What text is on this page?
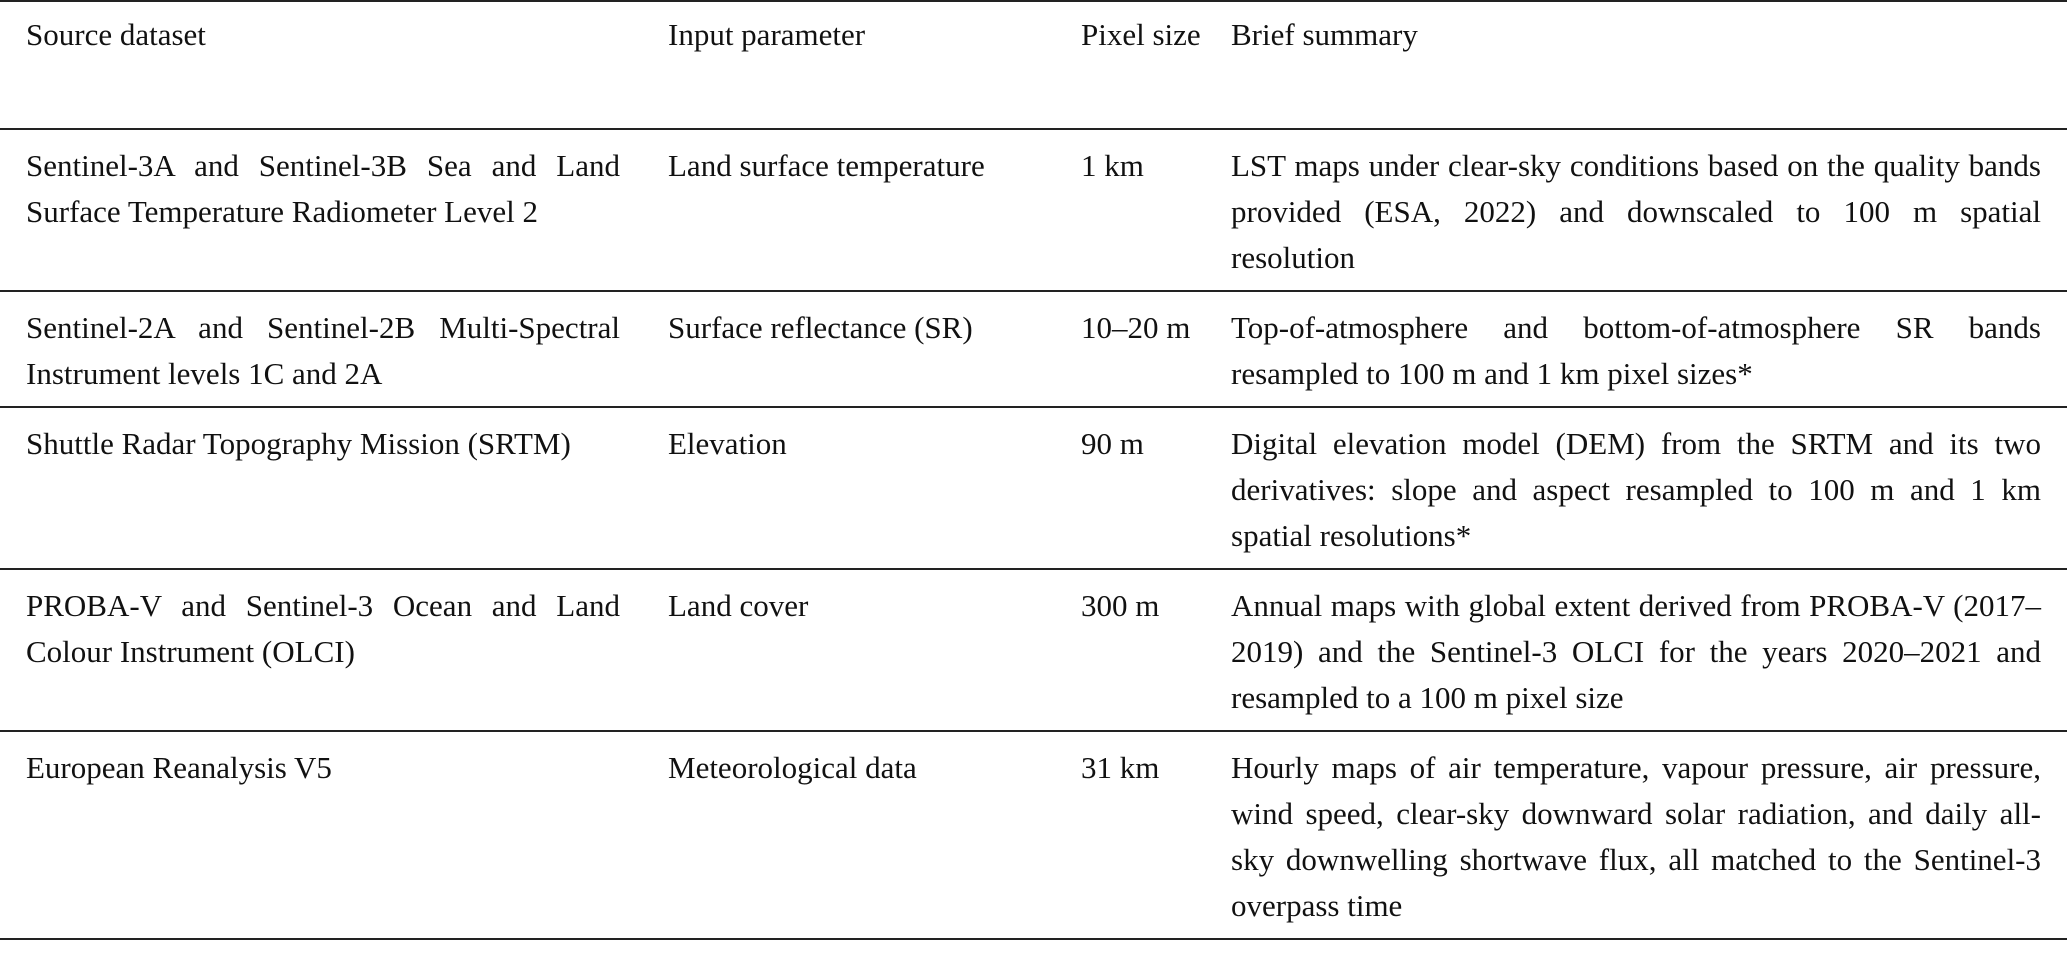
Source dataset	Input parameter	Pixel size	Brief summary
Sentinel-3A and Sentinel-3B Sea and Land Surface Temperature Radiometer Level 2	Land surface temperature	1 km	LST maps under clear-sky conditions based on the quality bands provided (ESA, 2022) and downscaled to 100 m spatial resolution
Sentinel-2A and Sentinel-2B Multi-Spectral Instrument levels 1C and 2A	Surface reflectance (SR)	10–20 m	Top-of-atmosphere and bottom-of-atmosphere SR bands resampled to 100 m and 1 km pixel sizes*
Shuttle Radar Topography Mission (SRTM)	Elevation	90 m	Digital elevation model (DEM) from the SRTM and its two derivatives: slope and aspect resampled to 100 m and 1 km spatial resolutions*
PROBA-V and Sentinel-3 Ocean and Land Colour Instrument (OLCI)	Land cover	300 m	Annual maps with global extent derived from PROBA-V (2017–2019) and the Sentinel-3 OLCI for the years 2020–2021 and resampled to a 100 m pixel size
European Reanalysis V5	Meteorological data	31 km	Hourly maps of air temperature, vapour pressure, air pressure, wind speed, clear-sky downward solar radiation, and daily all-sky downwelling shortwave flux, all matched to the Sentinel-3 overpass time
